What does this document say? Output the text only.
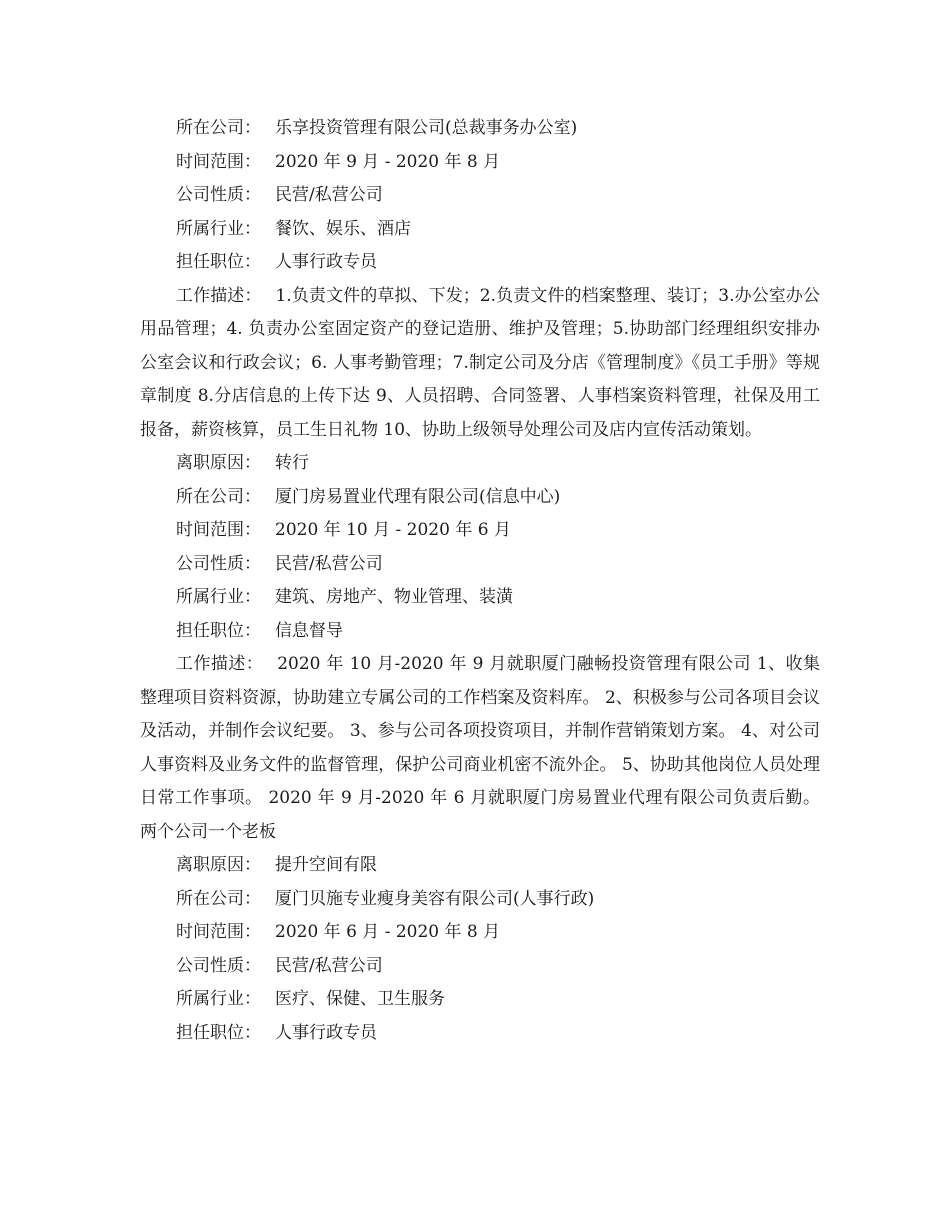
所在公司： 乐享投资管理有限公司(总裁事务办公室)
时间范围： 2020 年 9 月 - 2020 年 8 月
公司性质： 民营/私营公司
所属行业： 餐饮、娱乐、酒店
担任职位： 人事行政专员
工作描述： 1.负责文件的草拟、下发；2.负责文件的档案整理、装订；3.办公室办公用品管理；4. 负责办公室固定资产的登记造册、维护及管理；5.协助部门经理组织安排办公室会议和行政会议；6. 人事考勤管理；7.制定公司及分店《管理制度》《员工手册》等规章制度 8.分店信息的上传下达 9、人员招聘、合同签署、人事档案资料管理，社保及用工报备，薪资核算，员工生日礼物 10、协助上级领导处理公司及店内宣传活动策划。
离职原因： 转行
所在公司： 厦门房易置业代理有限公司(信息中心)
时间范围： 2020 年 10 月 - 2020 年 6 月
公司性质： 民营/私营公司
所属行业： 建筑、房地产、物业管理、装潢
担任职位： 信息督导
工作描述： 2020 年 10 月-2020 年 9 月就职厦门融畅投资管理有限公司 1、收集整理项目资料资源，协助建立专属公司的工作档案及资料库。 2、积极参与公司各项目会议及活动，并制作会议纪要。 3、参与公司各项投资项目，并制作营销策划方案。 4、对公司人事资料及业务文件的监督管理，保护公司商业机密不流外企。 5、协助其他岗位人员处理日常工作事项。 2020 年 9 月-2020 年 6 月就职厦门房易置业代理有限公司负责后勤。 两个公司一个老板
离职原因： 提升空间有限
所在公司： 厦门贝施专业瘦身美容有限公司(人事行政)
时间范围： 2020 年 6 月 - 2020 年 8 月
公司性质： 民营/私营公司
所属行业： 医疗、保健、卫生服务
担任职位： 人事行政专员
